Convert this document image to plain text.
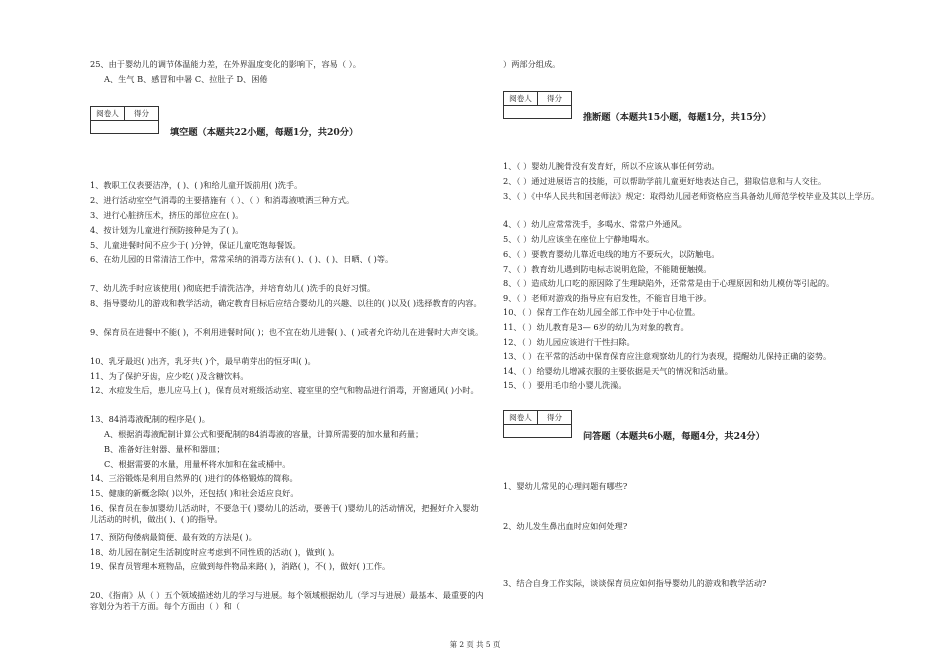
25、由于婴幼儿的调节体温能力差，在外界温度变化的影响下，容易（ ）。
A、生气 B、感冒和中暑 C、拉肚子 D、困倦
阅卷人	得分
填空题（本题共22小题，每题1分，共20分）
1、教职工仪表要洁净，( )、( )和给儿童开饭前用( )洗手。
2、进行活动室空气消毒的主要措施有（ ）、（ ）和消毒液喷洒三种方式。
3、进行心脏挤压术，挤压的部位应在( )。
4、按计划为儿童进行预防接种是为了( )。
5、儿童进餐时间不应少于( )分钟，保证儿童吃饱每餐饭。
6、在幼儿园的日常清洁工作中，常常采纳的消毒方法有( )、( )、( )、日晒、( )等。
7、幼儿洗手时应该使用( )彻底把手清洗洁净，并培育幼儿( )洗手的良好习惯。
8、指导婴幼儿的游戏和教学活动，确定教育目标后应结合婴幼儿的兴趣、以往的( )以及( )选择教育的内容。
9、保育员在进餐中不能( )，不利用进餐时间( )；也不宜在幼儿进餐( )、( )或者允许幼儿在进餐时大声交谈。
10、乳牙最迟( )出齐，乳牙共( )个，最早萌芽出的恒牙叫( )。
11、为了保护牙齿，应少吃( )及含糖饮料。
12、水痘发生后，患儿应马上( )，保育员对班级活动室、寝室里的空气和物品进行消毒，开窗通风( )小时。
13、84消毒液配制的程序是( )。
A、根据消毒液配制计算公式和要配制的84消毒液的容量，计算所需要的加水量和药量；
B、准备好注射器、量杯和器皿；
C、根据需要的水量，用量杯将水加和在盆或桶中。
14、三浴锻炼是利用自然界的( )进行的体格锻炼的简称。
15、健康的新概念除( )以外，还包括( )和社会适应良好。
16、保育员在参加婴幼儿活动时，不要急于( )婴幼儿的活动，要善于( )婴幼儿的活动情况，把握好介入婴幼儿活动的时机，做出( )、( )的指导。
17、预防佝偻病最简便、最有效的方法是( )。
18、幼儿园在制定生活制度时应考虑到不同性质的活动( )，做到( )。
19、保育员管理本班物品，应做到每件物品来路( )，消路( )，不( )，做好( )工作。
20、《指南》从（ ）五个领域描述幼儿的学习与进展。每个领域根据幼儿（学习与进展）最基本、最重要的内容划分为若干方面。每个方面由（ ）和（
）两部分组成。
阅卷人	得分
推断题（本题共15小题，每题1分，共15分）
1、（ ）婴幼儿腕骨没有发育好，所以不应该从事任何劳动。
2、（ ）通过进展语言的技能，可以帮助学前儿童更好地表达自己，猎取信息和与人交往。
3、（ ）《中华人民共和国老师法》规定：取得幼儿园老师资格应当具备幼儿师范学校毕业及其以上学历。
4、（ ）幼儿应常常洗手，多喝水、常常户外通风。
5、（ ）幼儿应该坐在座位上宁静地喝水。
6、（ ）要教育婴幼儿靠近电线的地方不要玩火，以防触电。
7、（ ）教育幼儿遇到防电标志说明危险，不能随便触摸。
8、（ ）造成幼儿口吃的原因除了生理缺陷外，还常常是由于心理原因和幼儿模仿等引起的。
9、（ ）老师对游戏的指导应有启发性，不能盲目地干涉。
10、（ ）保育工作在幼儿园全部工作中处于中心位置。
11、（ ）幼儿教育是3— 6岁的幼儿为对象的教育。
12、（ ）幼儿园应该进行干性扫除。
13、（ ）在平常的活动中保育保育应注意观察幼儿的行为表现，提醒幼儿保持正确的姿势。
14、（ ）给婴幼儿增减衣服的主要依据是天气的情况和活动量。
15、（ ）要用毛巾给小婴儿洗澡。
阅卷人	得分
问答题（本题共6小题，每题4分，共24分）
1、婴幼儿常见的心理问题有哪些?
2、幼儿发生鼻出血时应如何处理?
3、结合自身工作实际，谈谈保育员应如何指导婴幼儿的游戏和教学活动?
第 2 页 共 5 页
